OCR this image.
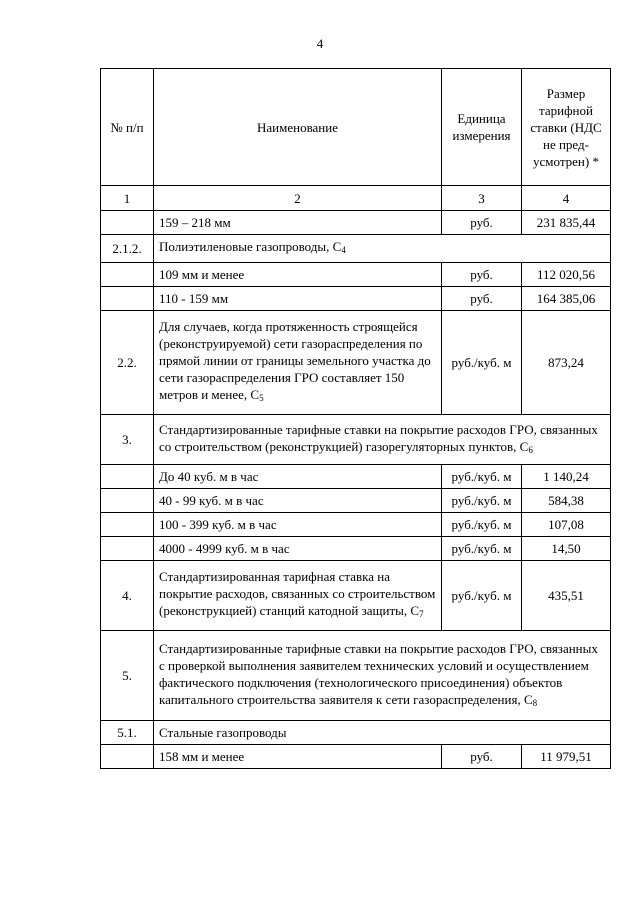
4
№ п/п	Наименование	Единица измерения	Размер тарифной ставки (НДС не пред-усмотрен) *
1	2	3	4
	159 – 218 мм	руб.	231 835,44
2.1.2.	Полиэтиленовые газопроводы, $C_4$
	109 мм и менее	руб.	112 020,56
	110 - 159 мм	руб.	164 385,06
2.2.	Для случаев, когда протяженность строящейся (реконструируемой) сети газораспределения по прямой линии от границы земельного участка до сети газораспределения ГРО составляет 150 метров и менее, $C_5$	руб./куб. м	873,24
3.	Стандартизированные тарифные ставки на покрытие расходов ГРО, связанных со строительством (реконструкцией) газорегуляторных пунктов, $C_6$
	До 40 куб. м в час	руб./куб. м	1 140,24
	40 - 99 куб. м в час	руб./куб. м	584,38
	100 - 399 куб. м в час	руб./куб. м	107,08
	4000 - 4999 куб. м в час	руб./куб. м	14,50
4.	Стандартизированная тарифная ставка на покрытие расходов, связанных со строительством (реконструкцией) станций катодной защиты, $C_7$	руб./куб. м	435,51
5.	Стандартизированные тарифные ставки на покрытие расходов ГРО, связанных с проверкой выполнения заявителем технических условий и осуществлением фактического подключения (технологического присоединения) объектов капитального строительства заявителя к сети газораспределения, $C_8$
5.1.	Стальные газопроводы		
	158 мм и менее	руб.	11 979,51
